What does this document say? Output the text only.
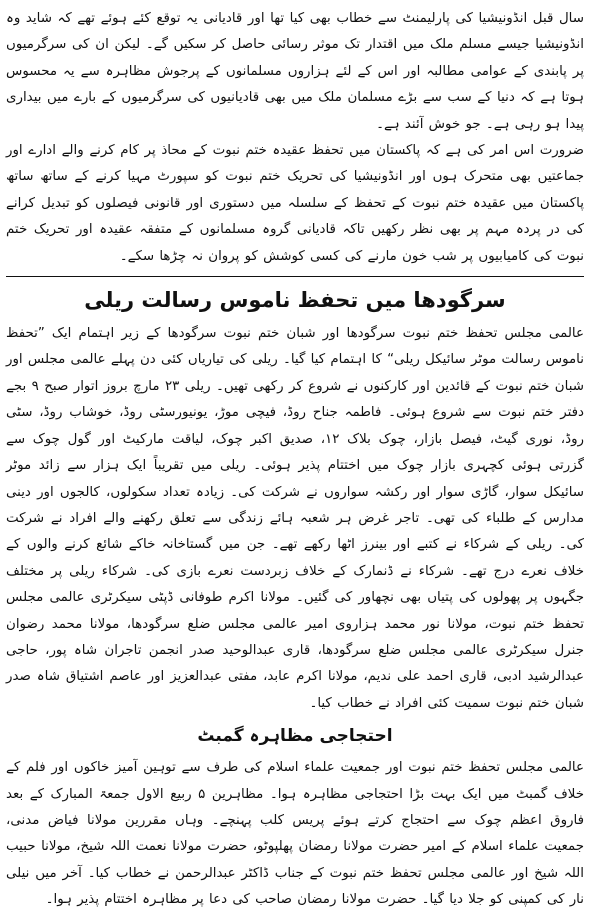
سال قبل انڈونیشیا کی پارلیمنٹ سے خطاب بھی کیا تھا اور قادیانی یہ توقع کئے ہوئے تھے کہ شاید وہ انڈونیشیا جیسے مسلم ملک میں اقتدار تک موثر رسائی حاصل کر سکیں گے۔ لیکن ان کی سرگرمیوں پر پابندی کے عوامی مطالبہ اور اس کے لئے ہزاروں مسلمانوں کے پرجوش مظاہرہ سے یہ محسوس ہوتا ہے کہ دنیا کے سب سے بڑے مسلمان ملک میں بھی قادیانیوں کی سرگرمیوں کے بارے میں بیداری پیدا ہو رہی ہے۔ جو خوش آئند ہے۔

ضرورت اس امر کی ہے کہ پاکستان میں تحفظ عقیدہ ختم نبوت کے محاذ پر کام کرنے والے ادارے اور جماعتیں بھی متحرک ہوں اور انڈونیشیا کی تحریک ختم نبوت کو سپورٹ مہیا کرنے کے ساتھ ساتھ پاکستان میں عقیدہ ختم نبوت کے تحفظ کے سلسلہ میں دستوری اور قانونی فیصلوں کو تبدیل کرانے کی در پردہ مہم پر بھی نظر رکھیں تاکہ قادیانی گروہ مسلمانوں کے متفقہ عقیدہ اور تحریک ختم نبوت کی کامیابیوں پر شب خون مارنے کی کسی کوشش کو پروان نہ چڑھا سکے۔

سرگودھا میں تحفظ ناموس رسالت ریلی

عالمی مجلس تحفظ ختم نبوت سرگودھا اور شبان ختم نبوت سرگودھا کے زیر اہتمام ایک ”تحفظ ناموس رسالت موٹر سائیکل ریلی“ کا اہتمام کیا گیا۔ ریلی کی تیاریاں کئی دن پہلے عالمی مجلس اور شبان ختم نبوت کے قائدین اور کارکنوں نے شروع کر رکھی تھیں۔ ریلی ۲۳ مارچ بروز اتوار صبح ۹ بجے دفتر ختم نبوت سے شروع ہوئی۔ فاطمہ جناح روڈ، فیچی موڑ، یونیورسٹی روڈ، خوشاب روڈ، سٹی روڈ، نوری گیٹ، فیصل بازار، چوک بلاک ۱۲، صدیق اکبر چوک، لیاقت مارکیٹ اور گول چوک سے گزرتی ہوئی کچہری بازار چوک میں اختتام پذیر ہوئی۔ ریلی میں تقریباً ایک ہزار سے زائد موٹر سائیکل سوار، گاڑی سوار اور رکشہ سواروں نے شرکت کی۔ زیادہ تعداد سکولوں، کالجوں اور دینی مدارس کے طلباء کی تھی۔ تاجر غرض ہر شعبہ ہائے زندگی سے تعلق رکھنے والے افراد نے شرکت کی۔ ریلی کے شرکاء نے کتبے اور بینرز اٹھا رکھے تھے۔ جن میں گستاخانہ خاکے شائع کرنے والوں کے خلاف نعرے درج تھے۔ شرکاء نے ڈنمارک کے خلاف زبردست نعرے بازی کی۔ شرکاء ریلی پر مختلف جگہوں پر پھولوں کی پتیاں بھی نچھاور کی گئیں۔ مولانا اکرم طوفانی ڈپٹی سیکرٹری عالمی مجلس تحفظ ختم نبوت، مولانا نور محمد ہزاروی امیر عالمی مجلس ضلع سرگودھا، مولانا محمد رضوان جنرل سیکرٹری عالمی مجلس ضلع سرگودھا، قاری عبدالوحید صدر انجمن تاجران شاہ پور، حاجی عبدالرشید ادبی، قاری احمد علی ندیم، مولانا اکرم عابد، مفتی عبدالعزیز اور عاصم اشتیاق شاہ صدر شبان ختم نبوت سمیت کئی افراد نے خطاب کیا۔

احتجاجی مظاہرہ گمبٹ

عالمی مجلس تحفظ ختم نبوت اور جمعیت علماء اسلام کی طرف سے توہین آمیز خاکوں اور فلم کے خلاف گمبٹ میں ایک بہت بڑا احتجاجی مظاہرہ ہوا۔ مظاہرین ۵ ربیع الاول جمعۃ المبارک کے بعد فاروق اعظم چوک سے احتجاج کرتے ہوئے پریس کلب پہنچے۔ وہاں مقررین مولانا فیاض مدنی، جمعیت علماء اسلام کے امیر حضرت مولانا رمضان پھلپوٹو، حضرت مولانا نعمت اللہ شیخ، مولانا حبیب اللہ شیخ اور عالمی مجلس تحفظ ختم نبوت کے جناب ڈاکٹر عبدالرحمن نے خطاب کیا۔ آخر میں نیلی نار کی کمپنی کو جلا دیا گیا۔ حضرت مولانا رمضان صاحب کی دعا پر مظاہرہ اختتام پذیر ہوا۔
